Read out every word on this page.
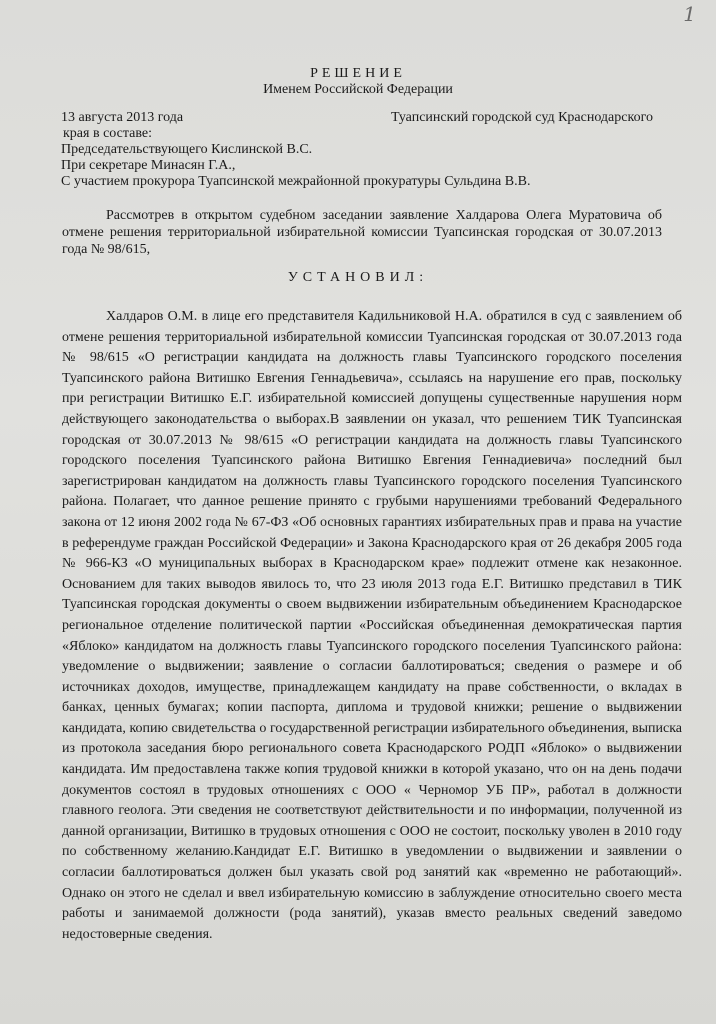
1
РЕШЕНИЕ
Именем Российской Федерации
13 августа 2013 года	Туапсинский городской суд Краснодарского
края в составе:
Председательствующего Кислинской В.С.
При секретаре Минасян Г.А.,
С участием прокурора Туапсинской межрайонной прокуратуры Сульдина В.В.
Рассмотрев в открытом судебном заседании заявление Халдарова Олега Муратовича об отмене решения территориальной избирательной комиссии Туапсинская городская от 30.07.2013 года № 98/615,
УСТАНОВИЛ:
Халдаров О.М. в лице его представителя Кадильниковой Н.А. обратился в суд с заявлением об отмене решения территориальной избирательной комиссии Туапсинская городская от 30.07.2013 года № 98/615 «О регистрации кандидата на должность главы Туапсинского городского поселения Туапсинского района Витишко Евгения Геннадьевича», ссылаясь на нарушение его прав, поскольку при регистрации Витишко Е.Г. избирательной комиссией допущены существенные нарушения норм действующего законодательства о выборах.В заявлении он указал, что решением ТИК Туапсинская городская от 30.07.2013 № 98/615 «О регистрации кандидата на должность главы Туапсинского городского поселения Туапсинского района Витишко Евгения Геннадиевича» последний был зарегистрирован кандидатом на должность главы Туапсинского городского поселения Туапсинского района. Полагает, что данное решение принято с грубыми нарушениями требований Федерального закона от 12 июня 2002 года № 67-ФЗ «Об основных гарантиях избирательных прав и права на участие в референдуме граждан Российской Федерации» и Закона Краснодарского края от 26 декабря 2005 года № 966-КЗ «О муниципальных выборах в Краснодарском крае» подлежит отмене как незаконное. Основанием для таких выводов явилось то, что 23 июля 2013 года Е.Г. Витишко представил в ТИК Туапсинская городская документы о своем выдвижении избирательным объединением Краснодарское региональное отделение политической партии «Российская объединенная демократическая партия «Яблоко» кандидатом на должность главы Туапсинского городского поселения Туапсинского района: уведомление о выдвижении; заявление о согласии баллотироваться; сведения о размере и об источниках доходов, имуществе, принадлежащем кандидату на праве собственности, о вкладах в банках, ценных бумагах; копии паспорта, диплома и трудовой книжки; решение о выдвижении кандидата, копию свидетельства о государственной регистрации избирательного объединения, выписка из протокола заседания бюро регионального совета Краснодарского РОДП «Яблоко» о выдвижении кандидата. Им предоставлена также копия трудовой книжки в которой указано, что он на день подачи документов состоял в трудовых отношениях с ООО « Черномор УБ ПР», работал в должности главного геолога. Эти сведения не соответствуют действительности и по информации, полученной из данной организации, Витишко в трудовых отношения с ООО не состоит, поскольку уволен в 2010 году по собственному желанию.Кандидат Е.Г. Витишко в уведомлении о выдвижении и заявлении о согласии баллотироваться должен был указать свой род занятий как «временно не работающий». Однако он этого не сделал и ввел избирательную комиссию в заблуждение относительно своего места работы и занимаемой должности (рода занятий), указав вместо реальных сведений заведомо недостоверные сведения.
